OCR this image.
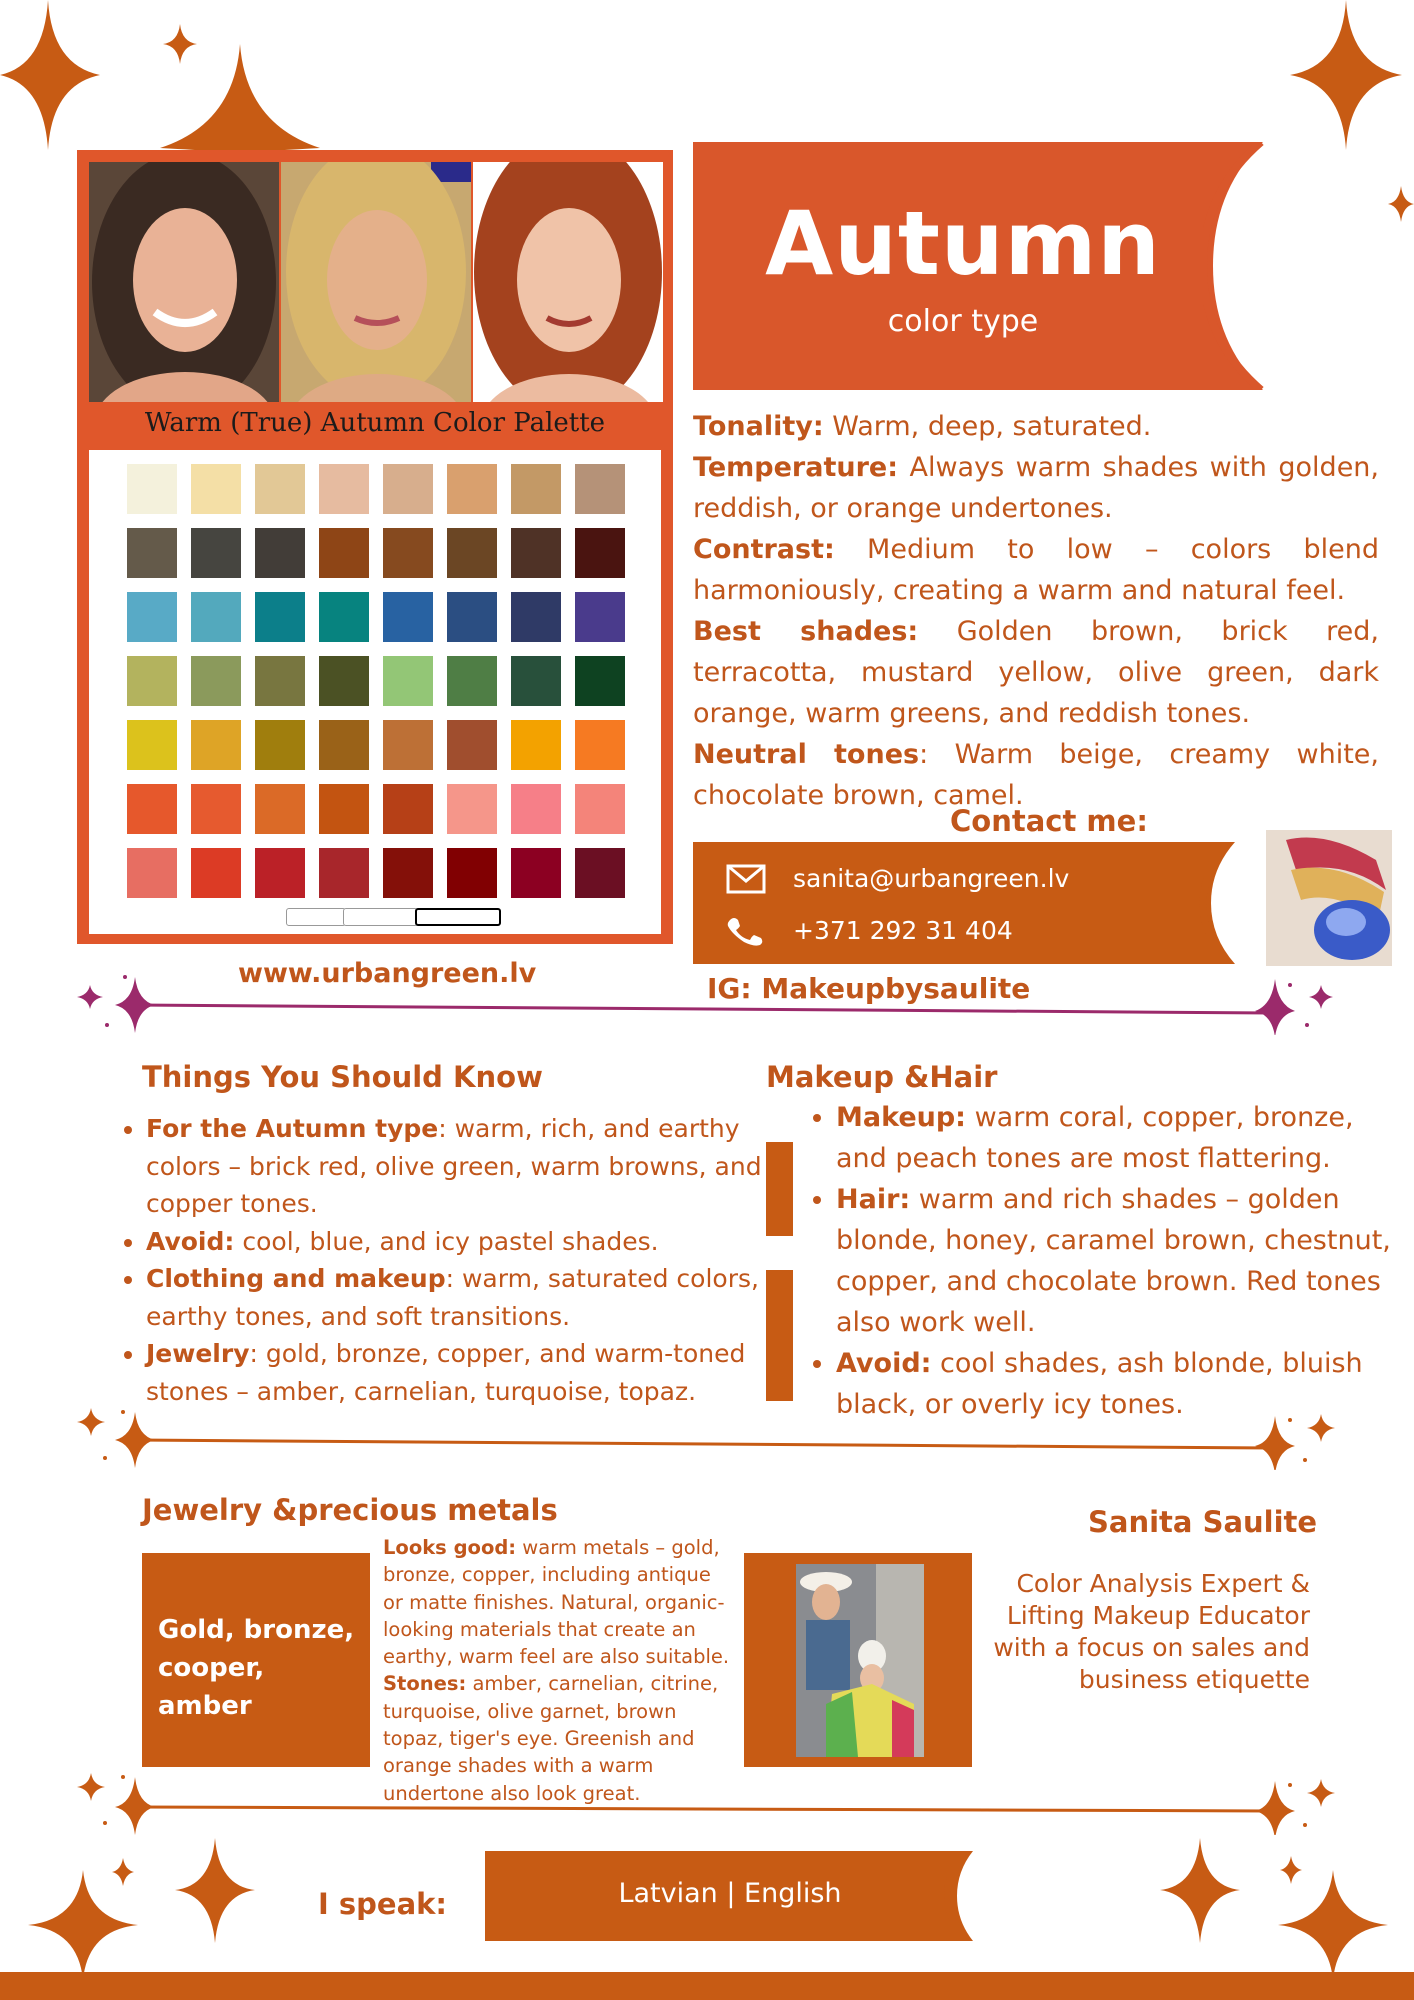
Warm (True) Autumn Color Palette
Autumn
color type

Tonality: Warm, deep, saturated.

Temperature: Always warm shades with golden, reddish, or orange undertones.

Contrast: Medium to low – colors blend harmoniously, creating a warm and natural feel.

Best shades: Golden brown, brick red, terracotta, mustard yellow, olive green, dark orange, warm greens, and reddish tones.

Neutral tones: Warm beige, creamy white, chocolate brown, camel.

Contact me:
sanita@urbangreen.lv
+371 292 31 404
IG: Makeupbysaulite
www.urbangreen.lv
Things You Should Know
• For the Autumn type: warm, rich, and earthy colors – brick red, olive green, warm browns, and copper tones.
• Avoid: cool, blue, and icy pastel shades.
• Clothing and makeup: warm, saturated colors, earthy tones, and soft transitions.
• Jewelry: gold, bronze, copper, and warm-toned stones – amber, carnelian, turquoise, topaz.
Makeup &Hair
• Makeup: warm coral, copper, bronze, and peach tones are most flattering.
• Hair: warm and rich shades – golden blonde, honey, caramel brown, chestnut, copper, and chocolate brown. Red tones also work well.
• Avoid: cool shades, ash blonde, bluish black, or overly icy tones.
Jewelry &precious metals
Gold, bronze, cooper, amber

Looks good: warm metals – gold, bronze, copper, including antique or matte finishes. Natural, organic-looking materials that create an earthy, warm feel are also suitable.

Stones: amber, carnelian, citrine, turquoise, olive garnet, brown topaz, tiger's eye. Greenish and orange shades with a warm undertone also look great.

Sanita Saulite
Color Analysis Expert & Lifting Makeup Educator with a focus on sales and business etiquette
I speak:	Latvian | English
